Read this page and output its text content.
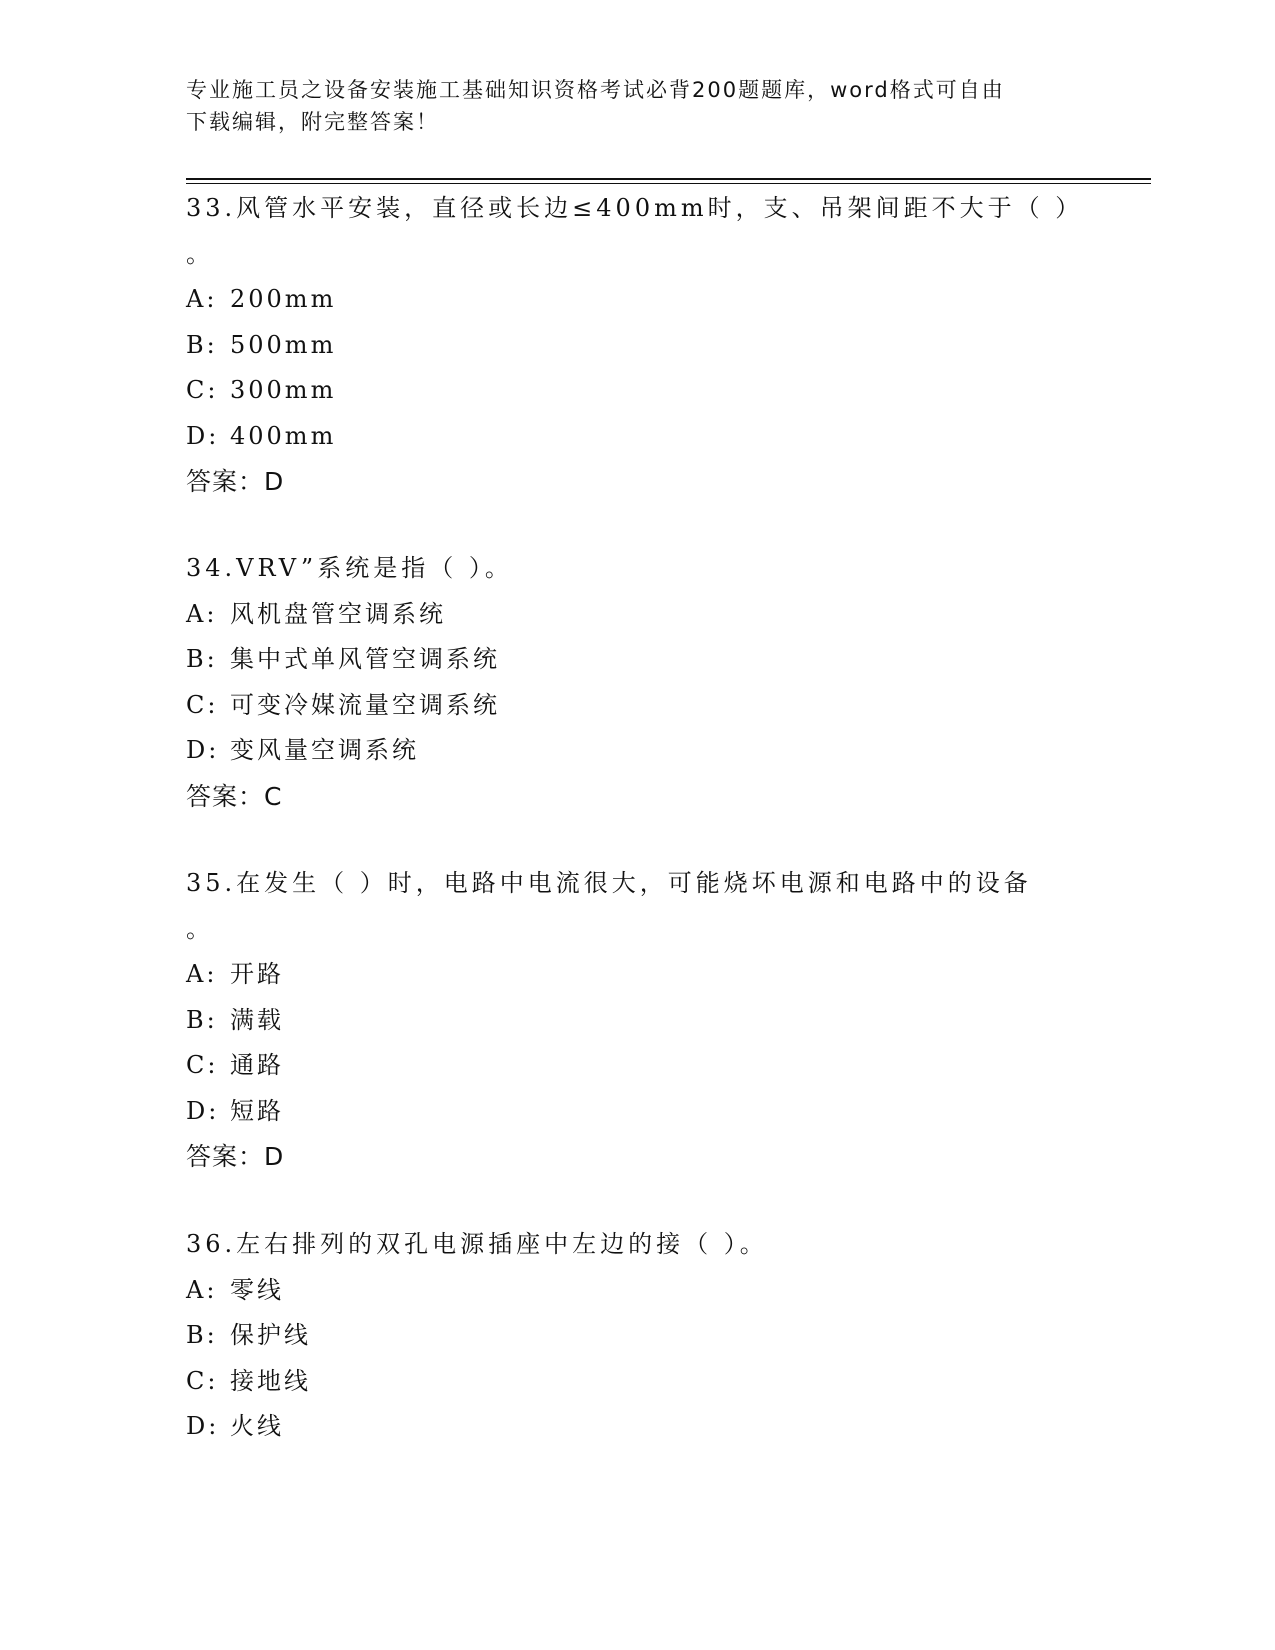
专业施工员之设备安装施工基础知识资格考试必背200题题库，word格式可自由
下载编辑，附完整答案！
33.风管水平安装，直径或长边≤400mm时，支、吊架间距不大于（ ）
。
A: 200mm
B: 500mm
C: 300mm
D: 400mm
答案：D
34.VRV”系统是指（ ）。
A: 风机盘管空调系统
B: 集中式单风管空调系统
C: 可变冷媒流量空调系统
D: 变风量空调系统
答案：C
35.在发生（ ）时，电路中电流很大，可能烧坏电源和电路中的设备
。
A: 开路
B: 满载
C: 通路
D: 短路
答案：D
36.左右排列的双孔电源插座中左边的接（ ）。
A: 零线
B: 保护线
C: 接地线
D: 火线
